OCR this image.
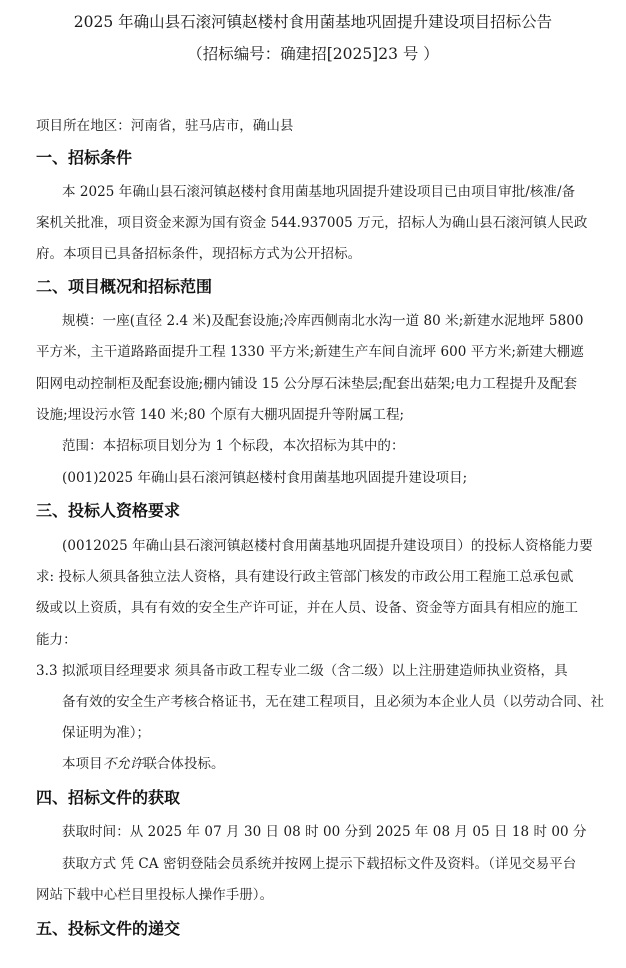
2025 年确山县石滚河镇赵楼村食用菌基地巩固提升建设项目招标公告
（招标编号：确建招[2025]23 号 ）
项目所在地区：河南省，驻马店市，确山县
一、招标条件
本 2025 年确山县石滚河镇赵楼村食用菌基地巩固提升建设项目已由项目审批/核准/备
案机关批准，项目资金来源为国有资金 544.937005 万元，招标人为确山县石滚河镇人民政
府。本项目已具备招标条件，现招标方式为公开招标。
二、项目概况和招标范围
规模：一座(直径 2.4 米)及配套设施;冷库西侧南北水沟一道 80 米;新建水泥地坪 5800
平方米，主干道路路面提升工程 1330 平方米;新建生产车间自流坪 600 平方米;新建大棚遮
阳网电动控制柜及配套设施;棚内铺设 15 公分厚石沫垫层;配套出菇架;电力工程提升及配套
设施;埋设污水管 140 米;80 个原有大棚巩固提升等附属工程;
范围：本招标项目划分为 1 个标段，本次招标为其中的：
(001)2025 年确山县石滚河镇赵楼村食用菌基地巩固提升建设项目;
三、投标人资格要求
(0012025 年确山县石滚河镇赵楼村食用菌基地巩固提升建设项目）的投标人资格能力要
求: 投标人须具备独立法人资格，具有建设行政主管部门核发的市政公用工程施工总承包贰
级或以上资质，具有有效的安全生产许可证，并在人员、设备、资金等方面具有相应的施工
能力：
3.3 拟派项目经理要求 须具备市政工程专业二级（含二级）以上注册建造师执业资格，具
备有效的安全生产考核合格证书，无在建工程项目，且必须为本企业人员（以劳动合同、社
保证明为准）；
本项目不允许联合体投标。
四、招标文件的获取
获取时间：从 2025 年 07 月 30 日 08 时 00 分到 2025 年 08 月 05 日 18 时 00 分
获取方式 凭 CA 密钥登陆会员系统并按网上提示下载招标文件及资料。（详见交易平台
网站下载中心栏目里投标人操作手册）。
五、投标文件的递交
